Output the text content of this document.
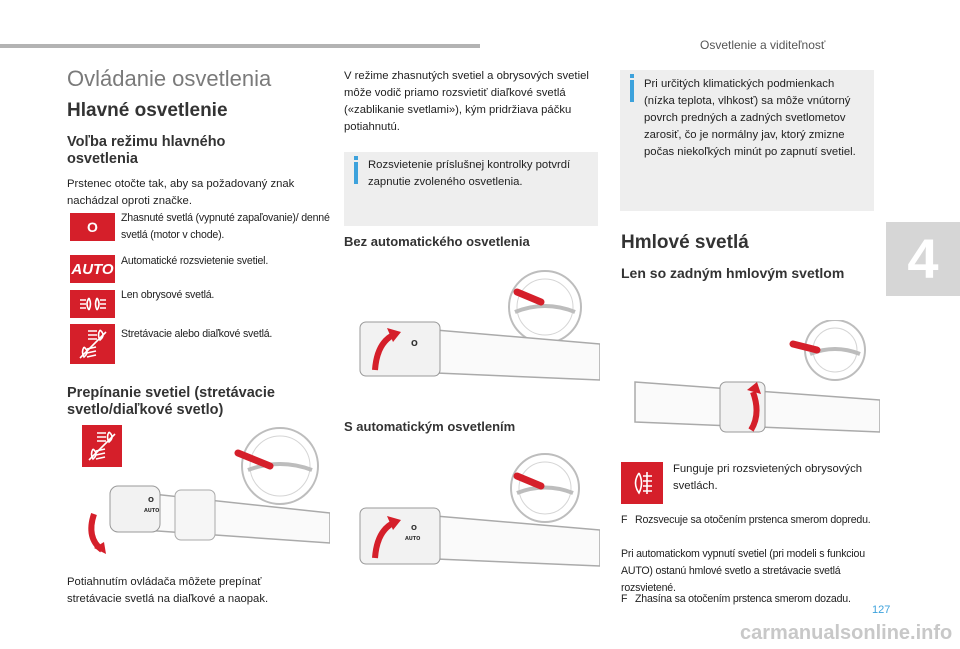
Osvetlenie a viditeľnosť
4
Ovládanie osvetlenia
Hlavné osvetlenie
Voľba režimu hlavného osvetlenia
Prstenec otočte tak, aby sa požadovaný znak nachádzal oproti značke.
O
Zhasnuté svetlá (vypnuté zapaľovanie)/ denné svetlá (motor v chode).
AUTO Automatické rozsvietenie svetiel.
Len obrysové svetlá.
Stretávacie alebo diaľkové svetlá.
Prepínanie svetiel (stretávacie svetlo/diaľkové svetlo)
O
AUTO
Potiahnutím ovládača môžete prepínať stretávacie svetlá na diaľkové a naopak.
V režime zhasnutých svetiel a obrysových svetiel môže vodič priamo rozsvietiť diaľkové svetlá («zablikanie svetlami»), kým pridržiava páčku potiahnutú.
Rozsvietenie príslušnej kontrolky potvrdí zapnutie zvoleného osvetlenia.
Bez automatického osvetlenia
O
S automatickým osvetlením
O
AUTO
Pri určitých klimatických podmienkach (nízka teplota, vlhkosť) sa môže vnútorný povrch predných a zadných svetlometov zarosiť, čo je normálny jav, ktorý zmizne počas niekoľkých minút po zapnutí svetiel.
Hmlové svetlá
Len so zadným hmlovým svetlom
Funguje pri rozsvietených obrysových svetlách.
F Rozsvecuje sa otočením prstenca smerom dopredu.
Pri automatickom vypnutí svetiel (pri modeli s funkciou AUTO) ostanú hmlové svetlo a stretávacie svetlá rozsvietené.
F Zhasína sa otočením prstenca smerom dozadu.
127
carmanualsonline.info
